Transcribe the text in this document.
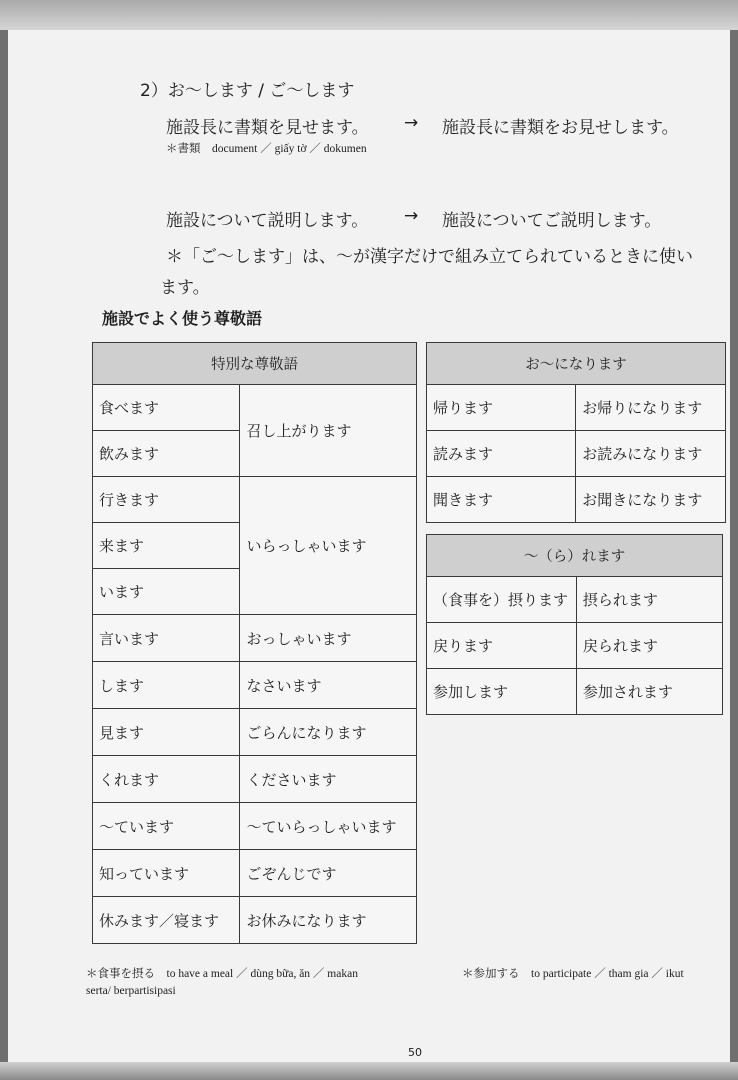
2）お～します / ご～します
施設長に書類を見せます。 → 施設長に書類をお見せします。
＊書類　document ／ giấy tờ ／ dokumen
施設について説明します。 → 施設についてご説明します。
＊「ご～します」は、～が漢字だけで組み立てられているときに使い
ます。
施設でよく使う尊敬語
特別な尊敬語	
食べます	召し上がります
飲みます	
行きます	いらっしゃいます
来ます	
います	
言います	おっしゃいます
します	なさいます
見ます	ごらんになります
くれます	くださいます
～ています	～ていらっしゃいます
知っています	ごぞんじです
休みます／寝ます	お休みになります
お～になります	
帰ります	お帰りになります
読みます	お読みになります
聞きます	お聞きになります
～（ら）れます	
（食事を）摂ります	摂られます
戻ります	戻られます
参加します	参加されます
＊食事を摂る　to have a meal ／ dùng bữa, ăn ／ makan	＊参加する　to participate ／ tham gia ／ ikut
serta/ berpartisipasi
50
